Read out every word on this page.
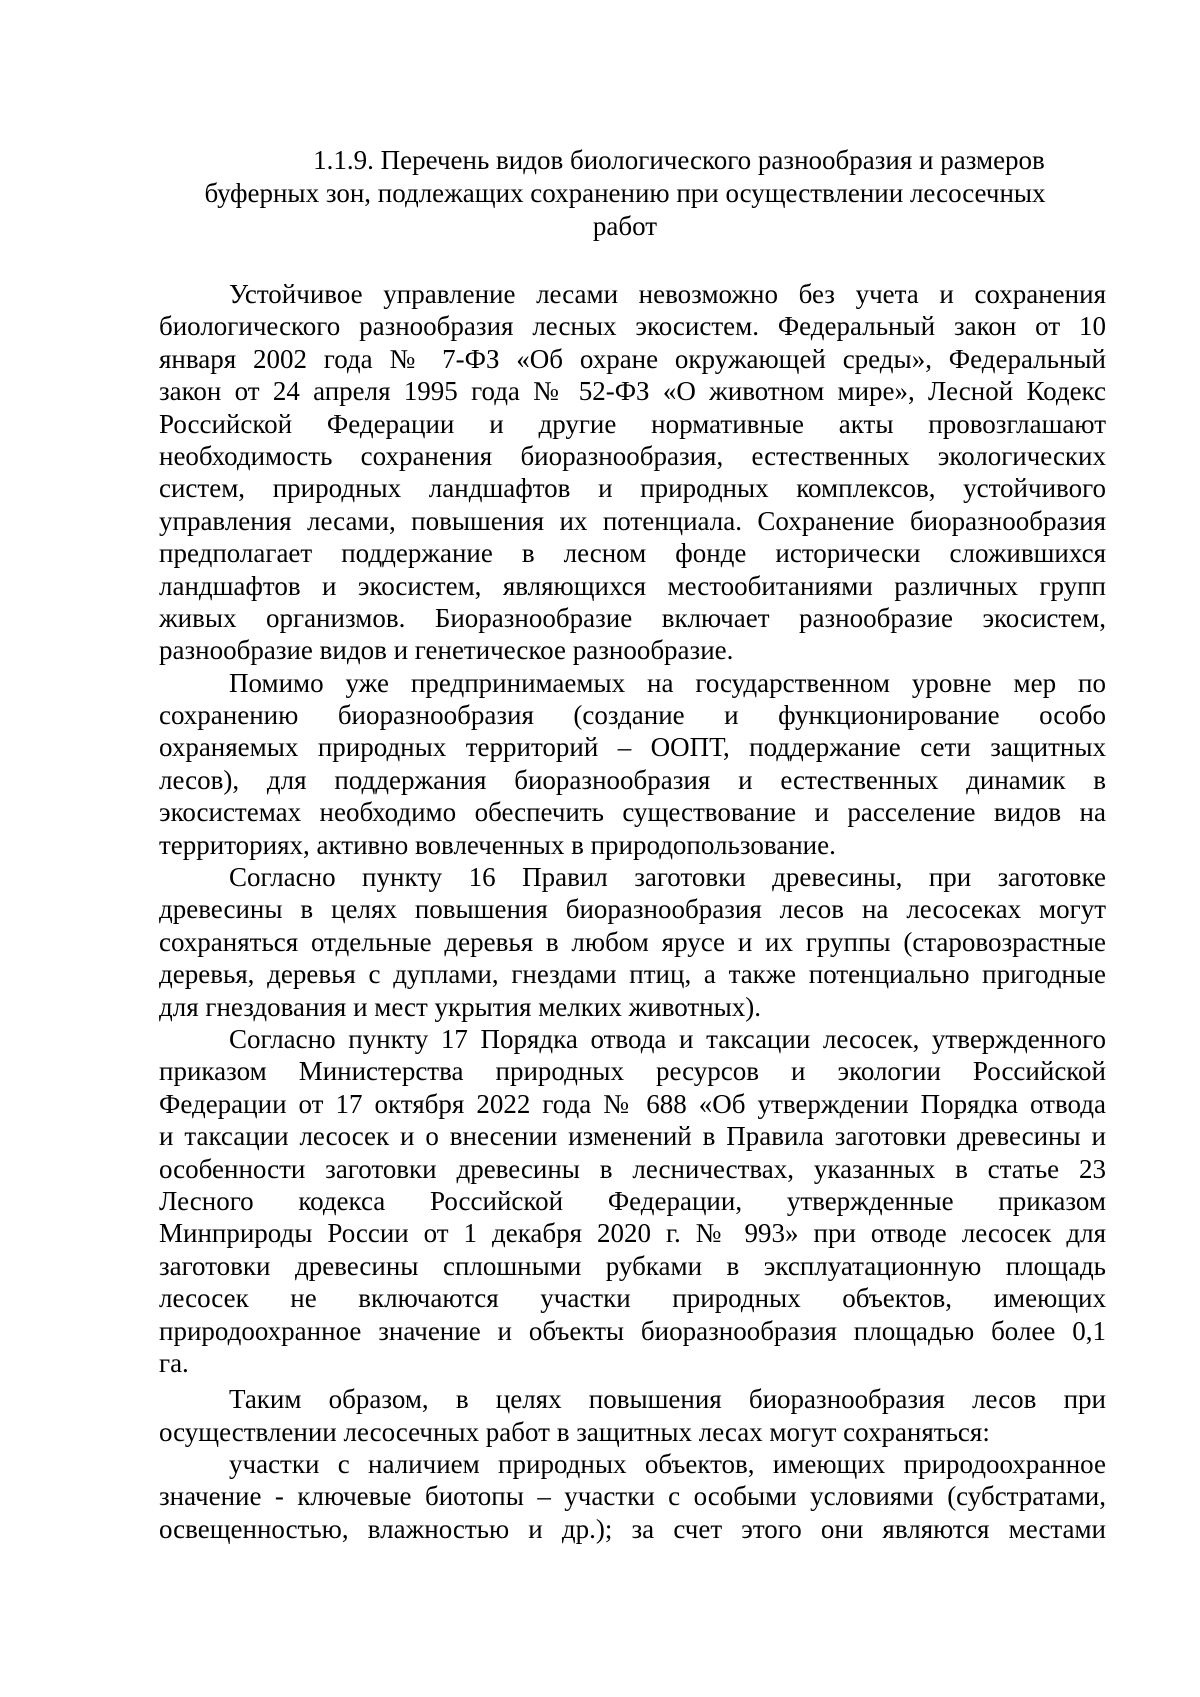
1.1.9. Перечень видов биологического разнообразия и размеров
буферных зон, подлежащих сохранению при осуществлении лесосечных
работ
Устойчивое управление лесами невозможно без учета и сохранения
биологического разнообразия лесных экосистем. Федеральный закон от 10
января 2002 года № 7-ФЗ «Об охране окружающей среды», Федеральный
закон от 24 апреля 1995 года № 52-ФЗ «О животном мире», Лесной Кодекс
Российской Федерации и другие нормативные акты провозглашают
необходимость сохранения биоразнообразия, естественных экологических
систем, природных ландшафтов и природных комплексов, устойчивого
управления лесами, повышения их потенциала. Сохранение биоразнообразия
предполагает поддержание в лесном фонде исторически сложившихся
ландшафтов и экосистем, являющихся местообитаниями различных групп
живых организмов. Биоразнообразие включает разнообразие экосистем,
разнообразие видов и генетическое разнообразие.
Помимо уже предпринимаемых на государственном уровне мер по
сохранению биоразнообразия (создание и функционирование особо
охраняемых природных территорий – ООПТ, поддержание сети защитных
лесов), для поддержания биоразнообразия и естественных динамик в
экосистемах необходимо обеспечить существование и расселение видов на
территориях, активно вовлеченных в природопользование.
Согласно пункту 16 Правил заготовки древесины, при заготовке
древесины в целях повышения биоразнообразия лесов на лесосеках могут
сохраняться отдельные деревья в любом ярусе и их группы (старовозрастные
деревья, деревья с дуплами, гнездами птиц, а также потенциально пригодные
для гнездования и мест укрытия мелких животных).
Согласно пункту 17 Порядка отвода и таксации лесосек, утвержденного
приказом Министерства природных ресурсов и экологии Российской
Федерации от 17 октября 2022 года № 688 «Об утверждении Порядка отвода
и таксации лесосек и о внесении изменений в Правила заготовки древесины и
особенности заготовки древесины в лесничествах, указанных в статье 23
Лесного кодекса Российской Федерации, утвержденные приказом
Минприроды России от 1 декабря 2020 г. № 993» при отводе лесосек для
заготовки древесины сплошными рубками в эксплуатационную площадь
лесосек не включаются участки природных объектов, имеющих
природоохранное значение и объекты биоразнообразия площадью более 0,1
га.
Таким образом, в целях повышения биоразнообразия лесов при
осуществлении лесосечных работ в защитных лесах могут сохраняться:
участки с наличием природных объектов, имеющих природоохранное
значение - ключевые биотопы – участки с особыми условиями (субстратами,
освещенностью, влажностью и др.); за счет этого они являются местами
